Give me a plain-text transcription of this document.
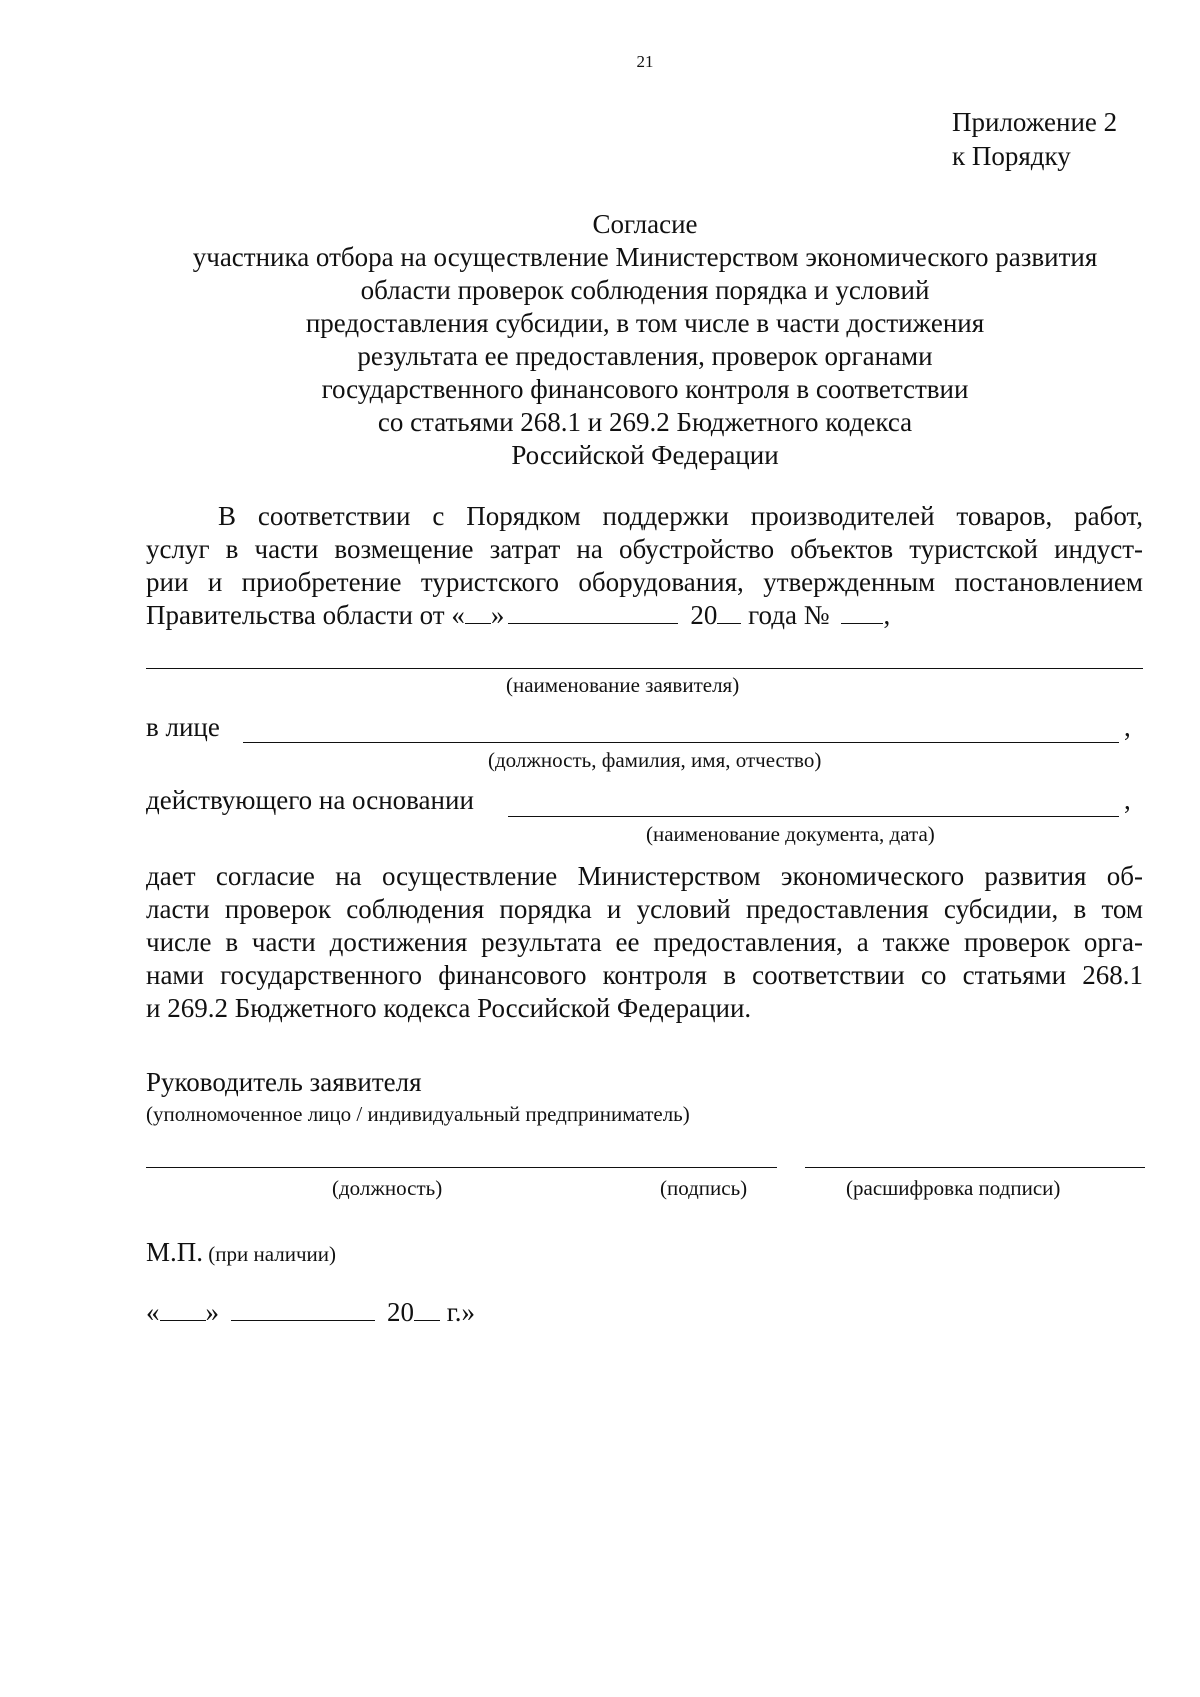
21
Приложение 2
к Порядку
Согласие
участника отбора на осуществление Министерством экономического развития
области проверок соблюдения порядка и условий
предоставления субсидии, в том числе в части достижения
результата ее предоставления, проверок органами
государственного финансового контроля в соответствии
со статьями 268.1 и 269.2 Бюджетного кодекса
Российской Федерации
В соответствии с Порядком поддержки производителей товаров, работ,
услуг в части возмещение затрат на обустройство объектов туристской индуст-
рии и приобретение туристского оборудования, утвержденным постановлением
Правительства области от « »	20 года № ,
(наименование заявителя)
в лице	,
(должность, фамилия, имя, отчество)
действующего на основании	,
(наименование документа, дата)
дает согласие на осуществление Министерством экономического развития об-
ласти проверок соблюдения порядка и условий предоставления субсидии, в том
числе в части достижения результата ее предоставления, а также проверок орга-
нами государственного финансового контроля в соответствии со статьями 268.1
и 269.2 Бюджетного кодекса Российской Федерации.
Руководитель заявителя
(уполномоченное лицо / индивидуальный предприниматель)
(должность)	(подпись)	(расшифровка подписи)
М.П. (при наличии)
« »	20 г.»
